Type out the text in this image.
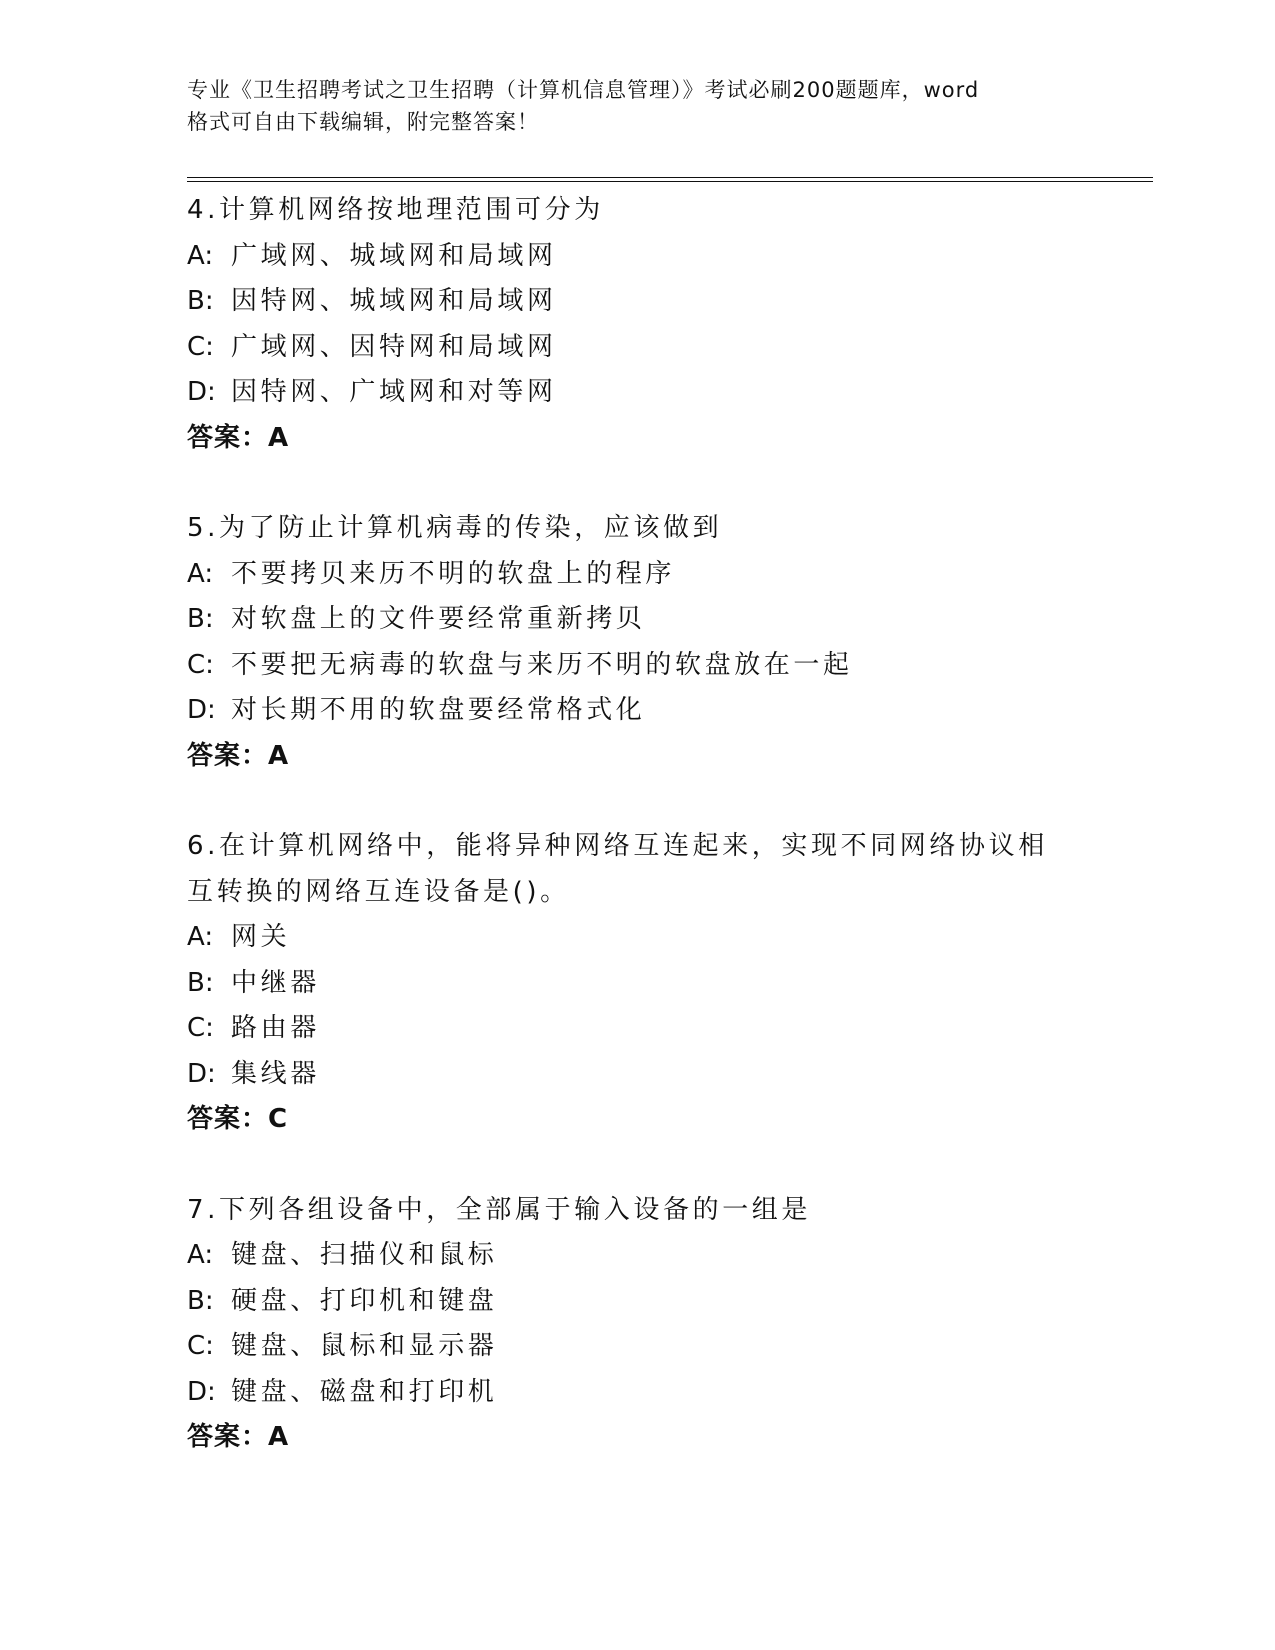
专业《卫生招聘考试之卫生招聘（计算机信息管理）》考试必刷200题题库，word
格式可自由下载编辑，附完整答案！
4.计算机网络按地理范围可分为
A: 广域网、城域网和局域网
B: 因特网、城域网和局域网
C: 广域网、因特网和局域网
D: 因特网、广域网和对等网
答案：A
5.为了防止计算机病毒的传染，应该做到
A: 不要拷贝来历不明的软盘上的程序
B: 对软盘上的文件要经常重新拷贝
C: 不要把无病毒的软盘与来历不明的软盘放在一起
D: 对长期不用的软盘要经常格式化
答案：A
6.在计算机网络中，能将异种网络互连起来，实现不同网络协议相互转换的网络互连设备是()。
A: 网关
B: 中继器
C: 路由器
D: 集线器
答案：C
7.下列各组设备中，全部属于输入设备的一组是
A: 键盘、扫描仪和鼠标
B: 硬盘、打印机和键盘
C: 键盘、鼠标和显示器
D: 键盘、磁盘和打印机
答案：A
